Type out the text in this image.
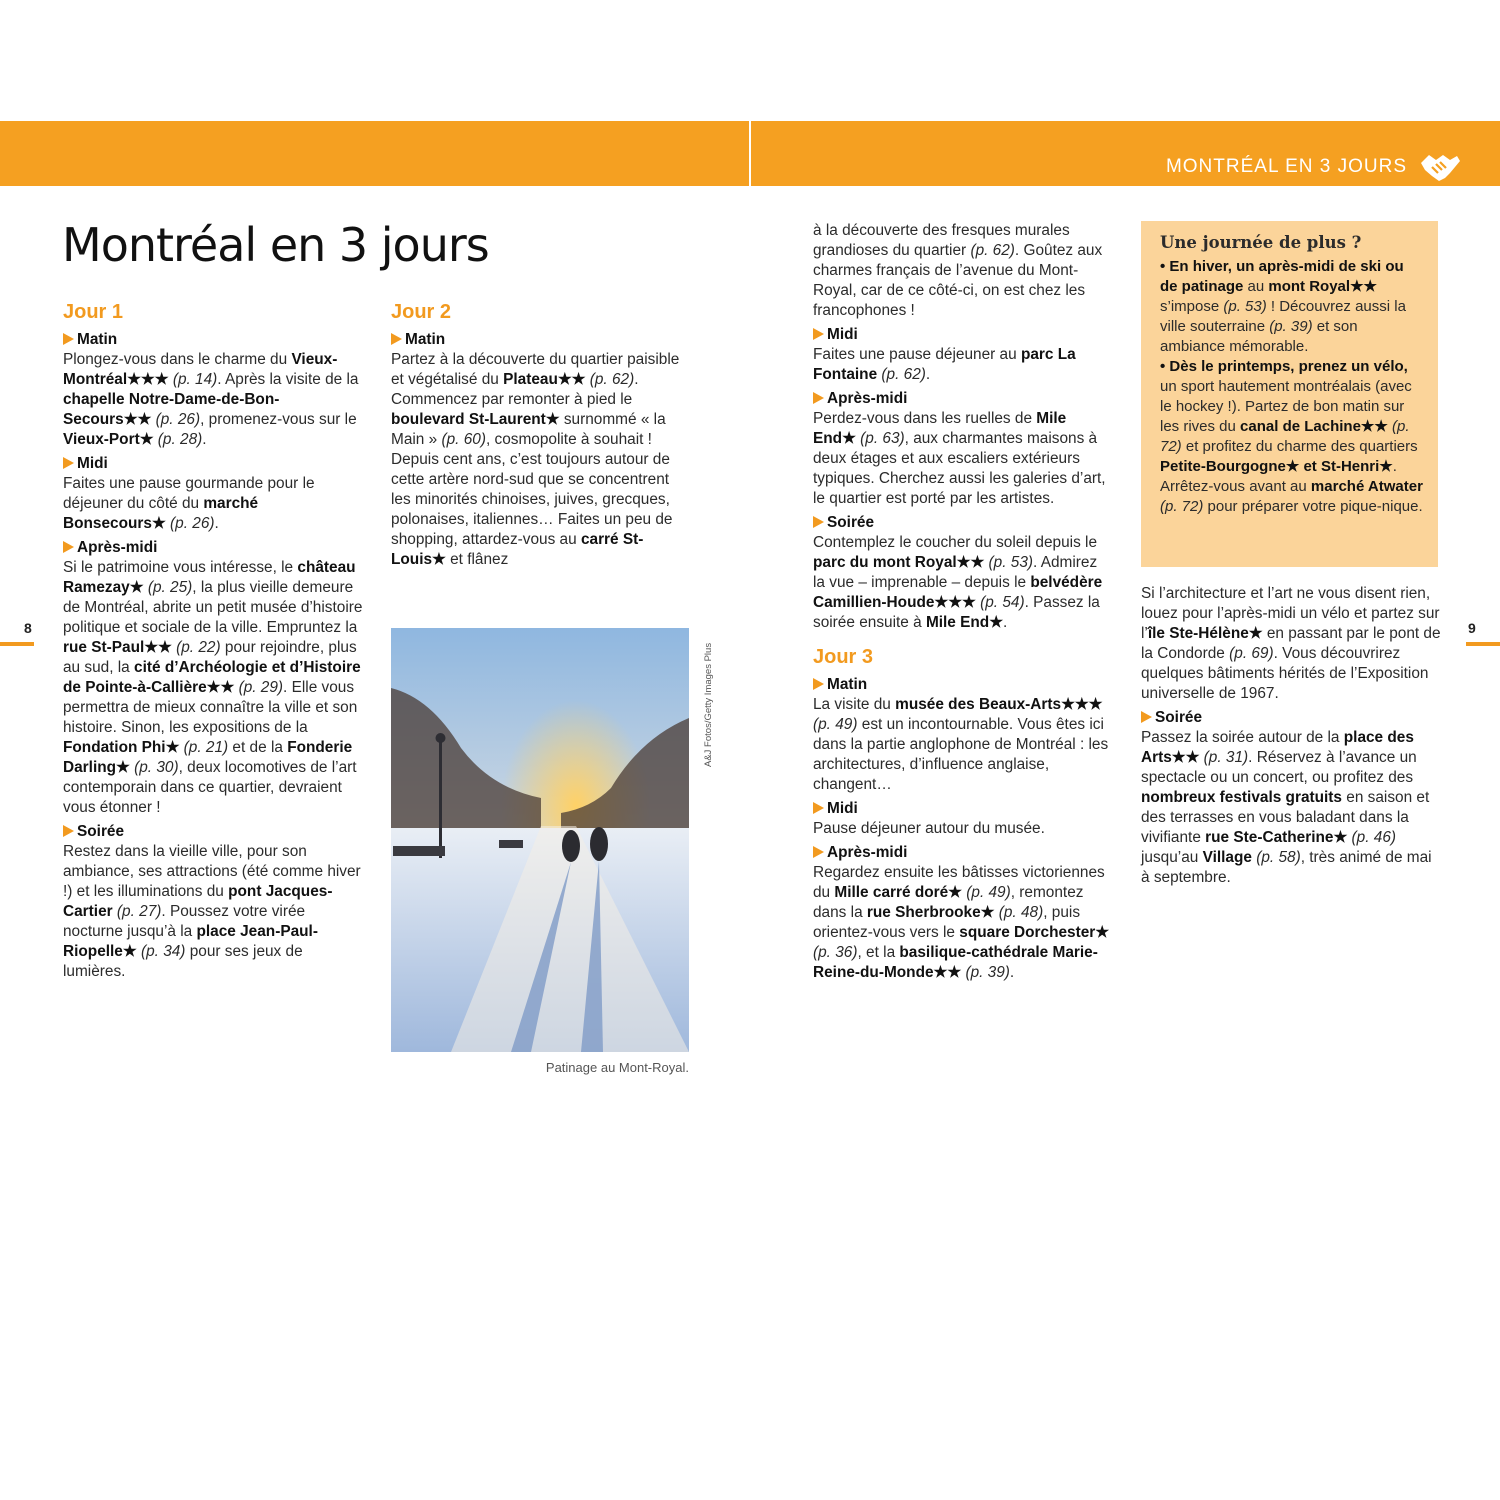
MONTRÉAL EN 3 JOURS
Montréal en 3 jours
8	9
Jour 1
Matin

Plongez-vous dans le charme du Vieux-Montréal★★★ (p. 14). Après la visite de la chapelle Notre-Dame-de-Bon-Secours★★ (p. 26), promenez-vous sur le Vieux-Port★ (p. 28).

Midi

Faites une pause gourmande pour le déjeuner du côté du marché Bonsecours★ (p. 26).

Après-midi

Si le patrimoine vous intéresse, le château Ramezay★ (p. 25), la plus vieille demeure de Montréal, abrite un petit musée d’histoire politique et sociale de la ville. Empruntez la rue St-Paul★★ (p. 22) pour rejoindre, plus au sud, la cité d’Archéologie et d’Histoire de Pointe-à-Callière★★ (p. 29). Elle vous permettra de mieux connaître la ville et son histoire. Sinon, les expositions de la Fondation Phi★ (p. 21) et de la Fonderie Darling★ (p. 30), deux locomotives de l’art contemporain dans ce quartier, devraient vous étonner !

Soirée

Restez dans la vieille ville, pour son ambiance, ses attractions (été comme hiver !) et les illuminations du pont Jacques-Cartier (p. 27). Poussez votre virée nocturne jusqu’à la place Jean-Paul-Riopelle★ (p. 34) pour ses jeux de lumières.

Jour 2
Matin

Partez à la découverte du quartier paisible et végétalisé du Plateau★★ (p. 62). Commencez par remonter à pied le boulevard St-Laurent★ surnommé « la Main » (p. 60), cosmopolite à souhait ! Depuis cent ans, c’est toujours autour de cette artère nord-sud que se concentrent les minorités chinoises, juives, grecques, polonaises, italiennes… Faites un peu de shopping, attardez-vous au carré St-Louis★ et flânez

A&J Fotos/Getty Images Plus
Patinage au Mont-Royal.

à la découverte des fresques murales grandioses du quartier (p. 62). Goûtez aux charmes français de l’avenue du Mont-Royal, car de ce côté-ci, on est chez les francophones !

Midi

Faites une pause déjeuner au parc La Fontaine (p. 62).

Après-midi

Perdez-vous dans les ruelles de Mile End★ (p. 63), aux charmantes maisons à deux étages et aux escaliers extérieurs typiques. Cherchez aussi les galeries d’art, le quartier est porté par les artistes.

Soirée

Contemplez le coucher du soleil depuis le parc du mont Royal★★ (p. 53). Admirez la vue – imprenable – depuis le belvédère Camillien-Houde★★★ (p. 54). Passez la soirée ensuite à Mile End★.

Jour 3
Matin

La visite du musée des Beaux-Arts★★★ (p. 49) est un incontournable. Vous êtes ici dans la partie anglophone de Montréal : les architectures, d’influence anglaise, changent…

Midi

Pause déjeuner autour du musée.

Après-midi

Regardez ensuite les bâtisses victoriennes du Mille carré doré★ (p. 49), remontez dans la rue Sherbrooke★ (p. 48), puis orientez-vous vers le square Dorchester★ (p. 36), et la basilique-cathédrale Marie-Reine-du-Monde★★ (p. 39).

Une journée de plus ?

• En hiver, un après-midi de ski ou de patinage au mont Royal★★ s’impose (p. 53) ! Découvrez aussi la ville souterraine (p. 39) et son ambiance mémorable.

• Dès le printemps, prenez un vélo, un sport hautement montréalais (avec le hockey !). Partez de bon matin sur les rives du canal de Lachine★★ (p. 72) et profitez du charme des quartiers Petite-Bourgogne★ et St-Henri★. Arrêtez-vous avant au marché Atwater (p. 72) pour préparer votre pique-nique.

Si l’architecture et l’art ne vous disent rien, louez pour l’après-midi un vélo et partez sur l’île Ste-Hélène★ en passant par le pont de la Condorde (p. 69). Vous découvrirez quelques bâtiments hérités de l’Exposition universelle de 1967.

Soirée

Passez la soirée autour de la place des Arts★★ (p. 31). Réservez à l’avance un spectacle ou un concert, ou profitez des nombreux festivals gratuits en saison et des terrasses en vous baladant dans la vivifiante rue Ste-Catherine★ (p. 46) jusqu’au Village (p. 58), très animé de mai à septembre.
